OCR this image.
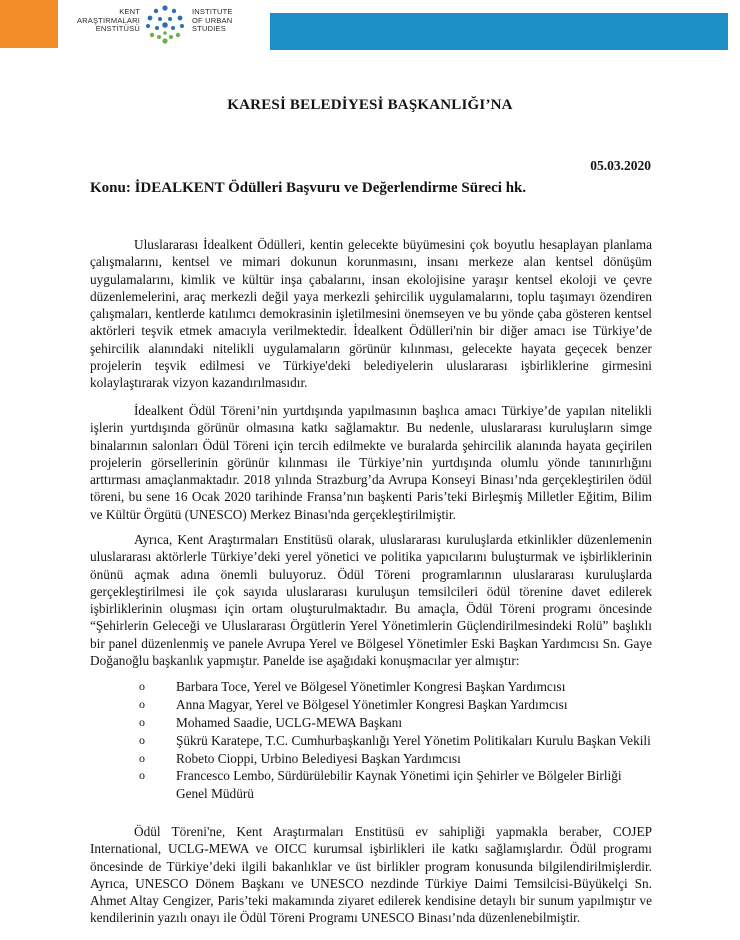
KENT
ARAŞTIRMALARI
ENSTİTÜSÜ
INSTITUTE
OF URBAN
STUDIES
KARESİ BELEDİYESİ BAŞKANLIĞI’NA
05.03.2020
Konu: İDEALKENT Ödülleri Başvuru ve Değerlendirme Süreci hk.

Uluslararası İdealkent Ödülleri, kentin gelecekte büyümesini çok boyutlu hesaplayan planlama çalışmalarını, kentsel ve mimari dokunun korunmasını, insanı merkeze alan kentsel dönüşüm uygulamalarını, kimlik ve kültür inşa çabalarını, insan ekolojisine yaraşır kentsel ekoloji ve çevre düzenlemelerini, araç merkezli değil yaya merkezli şehircilik uygulamalarını, toplu taşımayı özendiren çalışmaları, kentlerde katılımcı demokrasinin işletilmesini önemseyen ve bu yönde çaba gösteren kentsel aktörleri teşvik etmek amacıyla verilmektedir. İdealkent Ödülleri'nin bir diğer amacı ise Türkiye’de şehircilik alanındaki nitelikli uygulamaların görünür kılınması, gelecekte hayata geçecek benzer projelerin teşvik edilmesi ve Türkiye'deki belediyelerin uluslararası işbirliklerine girmesini kolaylaştırarak vizyon kazandırılmasıdır.

İdealkent Ödül Töreni’nin yurtdışında yapılmasının başlıca amacı Türkiye’de yapılan nitelikli işlerin yurtdışında görünür olmasına katkı sağlamaktır. Bu nedenle, uluslararası kuruluşların simge binalarının salonları Ödül Töreni için tercih edilmekte ve buralarda şehircilik alanında hayata geçirilen projelerin görsellerinin görünür kılınması ile Türkiye’nin yurtdışında olumlu yönde tanınırlığını arttırması amaçlanmaktadır. 2018 yılında Strazburg’da Avrupa Konseyi Binası’nda gerçekleştirilen ödül töreni, bu sene 16 Ocak 2020 tarihinde Fransa’nın başkenti Paris’teki Birleşmiş Milletler Eğitim, Bilim ve Kültür Örgütü (UNESCO) Merkez Binası'nda gerçekleştirilmiştir.

Ayrıca, Kent Araştırmaları Enstitüsü olarak, uluslararası kuruluşlarda etkinlikler düzenlemenin uluslararası aktörlerle Türkiye’deki yerel yönetici ve politika yapıcılarını buluşturmak ve işbirliklerinin önünü açmak adına önemli buluyoruz. Ödül Töreni programlarının uluslararası kuruluşlarda gerçekleştirilmesi ile çok sayıda uluslararası kuruluşun temsilcileri ödül törenine davet edilerek işbirliklerinin oluşması için ortam oluşturulmaktadır. Bu amaçla, Ödül Töreni programı öncesinde “Şehirlerin Geleceği ve Uluslararası Örgütlerin Yerel Yönetimlerin Güçlendirilmesindeki Rolü” başlıklı bir panel düzenlenmiş ve panele Avrupa Yerel ve Bölgesel Yönetimler Eski Başkan Yardımcısı Sn. Gaye Doğanoğlu başkanlık yapmıştır. Panelde ise aşağıdaki konuşmacılar yer almıştır:

o Barbara Toce, Yerel ve Bölgesel Yönetimler Kongresi Başkan Yardımcısı
o Anna Magyar, Yerel ve Bölgesel Yönetimler Kongresi Başkan Yardımcısı
o Mohamed Saadie, UCLG-MEWA Başkanı
o Şükrü Karatepe, T.C. Cumhurbaşkanlığı Yerel Yönetim Politikaları Kurulu Başkan Vekili
o Robeto Cioppi, Urbino Belediyesi Başkan Yardımcısı
o Francesco Lembo, Sürdürülebilir Kaynak Yönetimi için Şehirler ve Bölgeler Birliği Genel Müdürü

Ödül Töreni'ne, Kent Araştırmaları Enstitüsü ev sahipliği yapmakla beraber, COJEP International, UCLG-MEWA ve OICC kurumsal işbirlikleri ile katkı sağlamışlardır. Ödül programı öncesinde de Türkiye’deki ilgili bakanlıklar ve üst birlikler program konusunda bilgilendirilmişlerdir. Ayrıca, UNESCO Dönem Başkanı ve UNESCO nezdinde Türkiye Daimi Temsilcisi-Büyükelçi Sn. Ahmet Altay Cengizer, Paris’teki makamında ziyaret edilerek kendisine detaylı bir sunum yapılmıştır ve kendilerinin yazılı onayı ile Ödül Töreni Programı UNESCO Binası’nda düzenlenebilmiştir.
